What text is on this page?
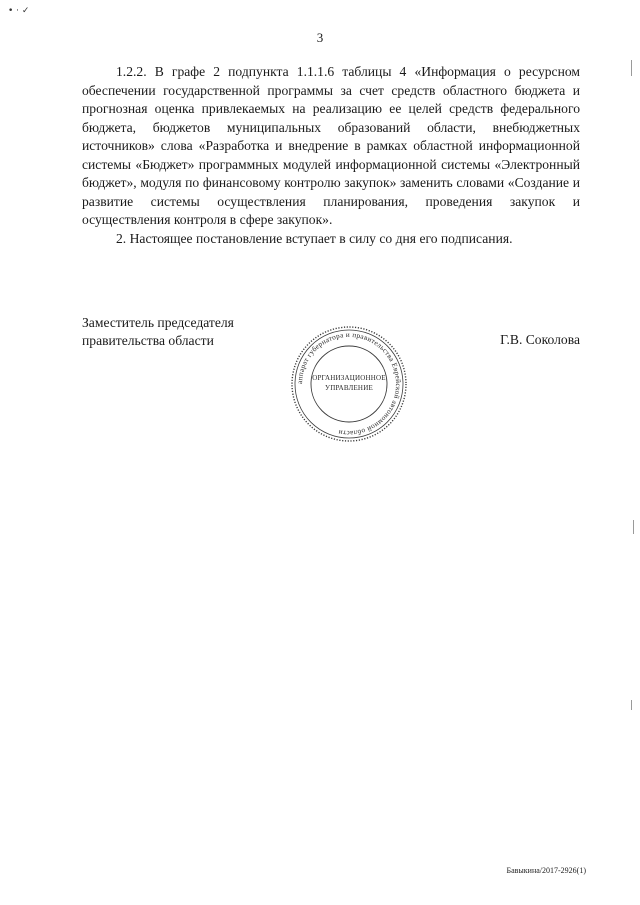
• · ✓
3

1.2.2. В графе 2 подпункта 1.1.1.6 таблицы 4 «Информация о ресурсном обеспечении государственной программы за счет средств областного бюджета и прогнозная оценка привлекаемых на реализацию ее целей средств федерального бюджета, бюджетов муниципальных образований области, внебюджетных источников» слова «Разработка и внедрение в рамках областной информационной системы «Бюджет» программных модулей информационной системы «Электронный бюджет», модуля по финансовому контролю закупок» заменить словами «Создание и развитие системы осуществления планирования, проведения закупок и осуществления контроля в сфере закупок».

2. Настоящее постановление вступает в силу со дня его подписания.

Заместитель председателя
правительства области	Г.В. Соколова
аппарат губернатора и правительства Еврейской автономной области
ОРГАНИЗАЦИОННОЕ
УПРАВЛЕНИЕ
Бавыкина/2017-2926(1)
